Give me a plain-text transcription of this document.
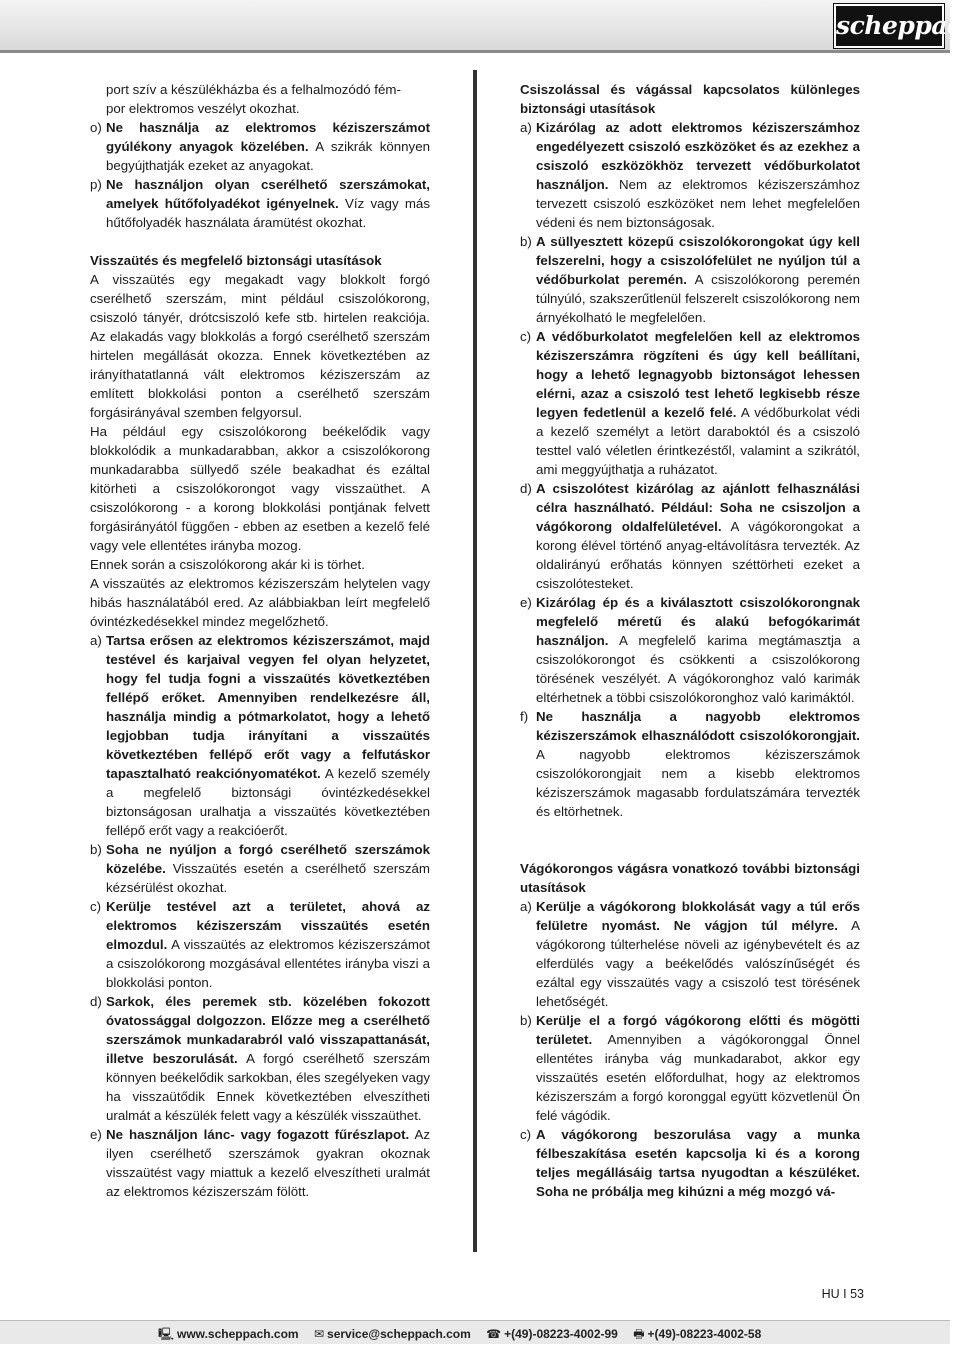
scheppach

port szív a készülékházba és a felhalmozódó fém-

por elektromos veszélyt okozhat.

o) Ne használja az elektromos kéziszerszámot gyúlékony anyagok közelében. A szikrák könnyen begyújthatják ezeket az anyagokat.

p) Ne használjon olyan cserélhető szerszámokat, amelyek hűtőfolyadékot igényelnek. Víz vagy más hűtőfolyadék használata áramütést okozhat.

Visszaütés és megfelelő biztonsági utasítások

A visszaütés egy megakadt vagy blokkolt forgó cserélhető szerszám, mint például csiszolókorong, csiszoló tányér, drótcsiszoló kefe stb. hirtelen reakciója. Az elakadás vagy blokkolás a forgó cserélhető szerszám hirtelen megállását okozza. Ennek következtében az irányíthatatlanná vált elektromos kéziszerszám az említett blokkolási ponton a cserélhető szerszám forgásirányával szemben felgyorsul.

Ha például egy csiszolókorong beékelődik vagy blokkolódik a munkadarabban, akkor a csiszolókorong munkadarabba süllyedő széle beakadhat és ezáltal kitörheti a csiszolókorongot vagy visszaüthet. A csiszolókorong - a korong blokkolási pontjának felvett forgásirányától függően - ebben az esetben a kezelő felé vagy vele ellentétes irányba mozog.

Ennek során a csiszolókorong akár ki is törhet.

A visszaütés az elektromos kéziszerszám helytelen vagy hibás használatából ered. Az alábbiakban leírt megfelelő óvintézkedésekkel mindez megelőzhető.

a) Tartsa erősen az elektromos kéziszerszámot, majd testével és karjaival vegyen fel olyan helyzetet, hogy fel tudja fogni a visszaütés következtében fellépő erőket. Amennyiben rendelkezésre áll, használja mindig a pótmarkolatot, hogy a lehető legjobban tudja irányítani a visszaütés következtében fellépő erőt vagy a felfutáskor tapasztalható reakciónyomatékot. A kezelő személy a megfelelő biztonsági óvintézkedésekkel biztonságosan uralhatja a visszaütés következtében fellépő erőt vagy a reakcióerőt.

b) Soha ne nyúljon a forgó cserélhető szerszámok közelébe. Visszaütés esetén a cserélhető szerszám kézsérülést okozhat.

c) Kerülje testével azt a területet, ahová az elektromos kéziszerszám visszaütés esetén elmozdul. A visszaütés az elektromos kéziszerszámot a csiszolókorong mozgásával ellentétes irányba viszi a blokkolási ponton.

d) Sarkok, éles peremek stb. közelében fokozott óvatossággal dolgozzon. Előzze meg a cserélhető szerszámok munkadarabról való visszapattanását, illetve beszorulását. A forgó cserélhető szerszám könnyen beékelődik sarkokban, éles szegélyeken vagy ha visszaütődik Ennek következtében elveszítheti uralmát a készülék felett vagy a készülék visszaüthet.

e) Ne használjon lánc- vagy fogazott fűrészlapot. Az ilyen cserélhető szerszámok gyakran okoznak visszaütést vagy miattuk a kezelő elveszítheti uralmát az elektromos kéziszerszám fölött.

Csiszolással és vágással kapcsolatos különleges biztonsági utasítások

a) Kizárólag az adott elektromos kéziszerszámhoz engedélyezett csiszoló eszközöket és az ezekhez a csiszoló eszközökhöz tervezett védőburkolatot használjon. Nem az elektromos kéziszerszámhoz tervezett csiszoló eszközöket nem lehet megfelelően védeni és nem biztonságosak.

b) A süllyesztett közepű csiszolókorongokat úgy kell felszerelni, hogy a csiszolófelület ne nyúljon túl a védőburkolat peremén. A csiszolókorong peremén túlnyúló, szakszerűtlenül felszerelt csiszolókorong nem árnyékolható le megfelelően.

c) A védőburkolatot megfelelően kell az elektromos kéziszerszámra rögzíteni és úgy kell beállítani, hogy a lehető legnagyobb biztonságot lehessen elérni, azaz a csiszoló test lehető legkisebb része legyen fedetlenül a kezelő felé. A védőburkolat védi a kezelő személyt a letört daraboktól és a csiszoló testtel való véletlen érintkezéstől, valamint a szikrától, ami meggyújthatja a ruházatot.

d) A csiszolótest kizárólag az ajánlott felhasználási célra használható. Például: Soha ne csiszoljon a vágókorong oldalfelületével. A vágókorongokat a korong élével történő anyag-eltávolításra tervezték. Az oldalirányú erőhatás könnyen széttörheti ezeket a csiszolótesteket.

e) Kizárólag ép és a kiválasztott csiszolókorongnak megfelelő méretű és alakú befogókarimát használjon. A megfelelő karima megtámasztja a csiszolókorongot és csökkenti a csiszolókorong törésének veszélyét. A vágókoronghoz való karimák eltérhetnek a többi csiszolókoronghoz való karimáktól.

f) Ne használja a nagyobb elektromos kéziszerszámok elhasználódott csiszolókorongjait. A nagyobb elektromos kéziszerszámok csiszolókorongjait nem a kisebb elektromos kéziszerszámok magasabb fordulatszámára tervezték és eltörhetnek.

Vágókorongos vágásra vonatkozó további biztonsági utasítások

a) Kerülje a vágókorong blokkolását vagy a túl erős felületre nyomást. Ne vágjon túl mélyre. A vágókorong túlterhelése növeli az igénybevételt és az elferdülés vagy a beékelődés valószínűségét és ezáltal egy visszaütés vagy a csiszoló test törésének lehetőségét.

b) Kerülje el a forgó vágókorong előtti és mögötti területet. Amennyiben a vágókoronggal Önnel ellentétes irányba vág munkadarabot, akkor egy visszaütés esetén előfordulhat, hogy az elektromos kéziszerszám a forgó koronggal együtt közvetlenül Ön felé vágódik.

c) A vágókorong beszorulása vagy a munka félbeszakítása esetén kapcsolja ki és a korong teljes megállásáig tartsa nyugodtan a készüléket. Soha ne próbálja meg kihúzni a még mozgó vá-

HU I 53
🖳 www.scheppach.com ✉ service@scheppach.com ☎ +(49)-08223-4002-99 🖶 +(49)-08223-4002-58
